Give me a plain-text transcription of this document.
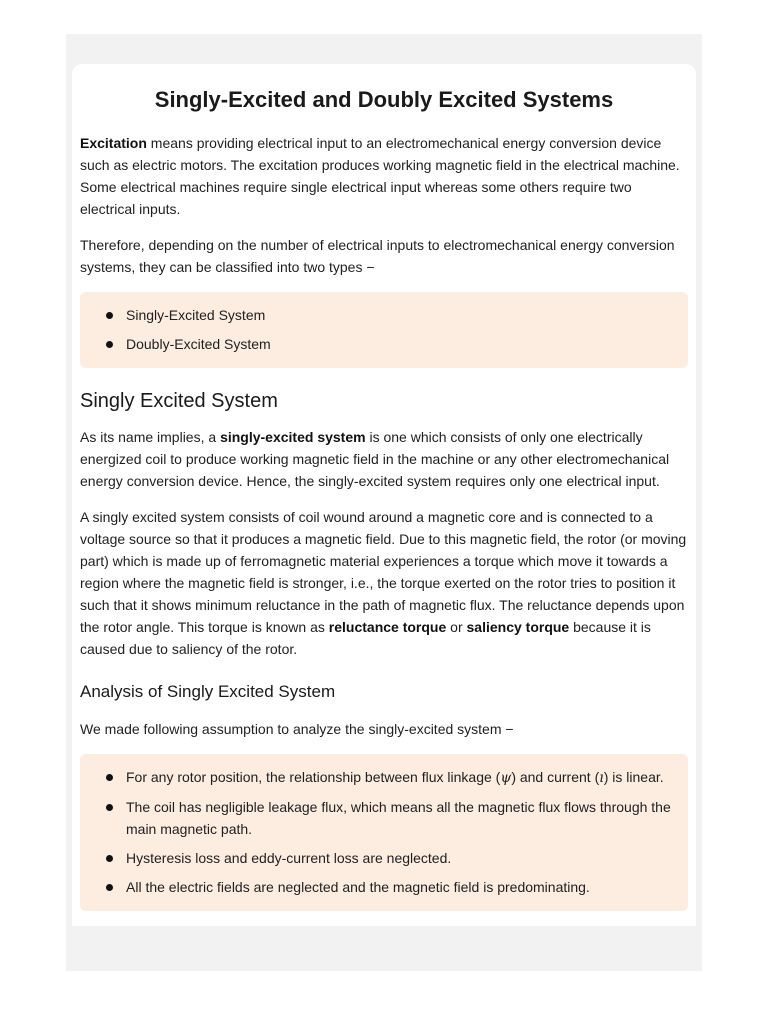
Singly-Excited and Doubly Excited Systems

Excitation means providing electrical input to an electromechanical energy conversion device such as electric motors. The excitation produces working magnetic field in the electrical machine. Some electrical machines require single electrical input whereas some others require two electrical inputs.

Therefore, depending on the number of electrical inputs to electromechanical energy conversion systems, they can be classified into two types −

Singly-Excited System
Doubly-Excited System
Singly Excited System

As its name implies, a singly-excited system is one which consists of only one electrically energized coil to produce working magnetic field in the machine or any other electromechanical energy conversion device. Hence, the singly-excited system requires only one electrical input.

A singly excited system consists of coil wound around a magnetic core and is connected to a voltage source so that it produces a magnetic field. Due to this magnetic field, the rotor (or moving part) which is made up of ferromagnetic material experiences a torque which move it towards a region where the magnetic field is stronger, i.e., the torque exerted on the rotor tries to position it such that it shows minimum reluctance in the path of magnetic flux. The reluctance depends upon the rotor angle. This torque is known as reluctance torque or saliency torque because it is caused due to saliency of the rotor.

Analysis of Singly Excited System

We made following assumption to analyze the singly-excited system −

For any rotor position, the relationship between flux linkage (ψ) and current (ı) is linear.
The coil has negligible leakage flux, which means all the magnetic flux flows through the main magnetic path.
Hysteresis loss and eddy-current loss are neglected.
All the electric fields are neglected and the magnetic field is predominating.
